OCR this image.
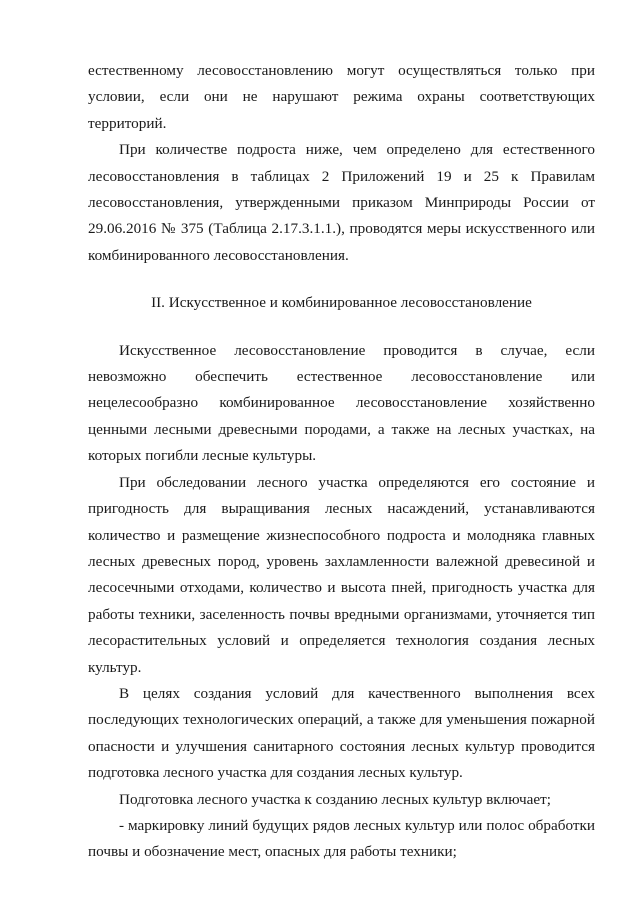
естественному лесовосстановлению могут осуществляться только при условии, если они не нарушают режима охраны соответствующих территорий.

При количестве подроста ниже, чем определено для естественного лесовосстановления в таблицах 2 Приложений 19 и 25 к Правилам лесовосстановления, утвержденными приказом Минприроды России от 29.06.2016 № 375 (Таблица 2.17.3.1.1.), проводятся меры искусственного или комбинированного лесовосстановления.

II. Искусственное и комбинированное лесовосстановление

Искусственное лесовосстановление проводится в случае, если невозможно обеспечить естественное лесовосстановление или нецелесообразно комбинированное лесовосстановление хозяйственно ценными лесными древесными породами, а также на лесных участках, на которых погибли лесные культуры.

При обследовании лесного участка определяются его состояние и пригодность для выращивания лесных насаждений, устанавливаются количество и размещение жизнеспособного подроста и молодняка главных лесных древесных пород, уровень захламленности валежной древесиной и лесосечными отходами, количество и высота пней, пригодность участка для работы техники, заселенность почвы вредными организмами, уточняется тип лесорастительных условий и определяется технология создания лесных культур.

В целях создания условий для качественного выполнения всех последующих технологических операций, а также для уменьшения пожарной опасности и улучшения санитарного состояния лесных культур проводится подготовка лесного участка для создания лесных культур.

Подготовка лесного участка к созданию лесных культур включает;

- маркировку линий будущих рядов лесных культур или полос обработки почвы и обозначение мест, опасных для работы техники;
